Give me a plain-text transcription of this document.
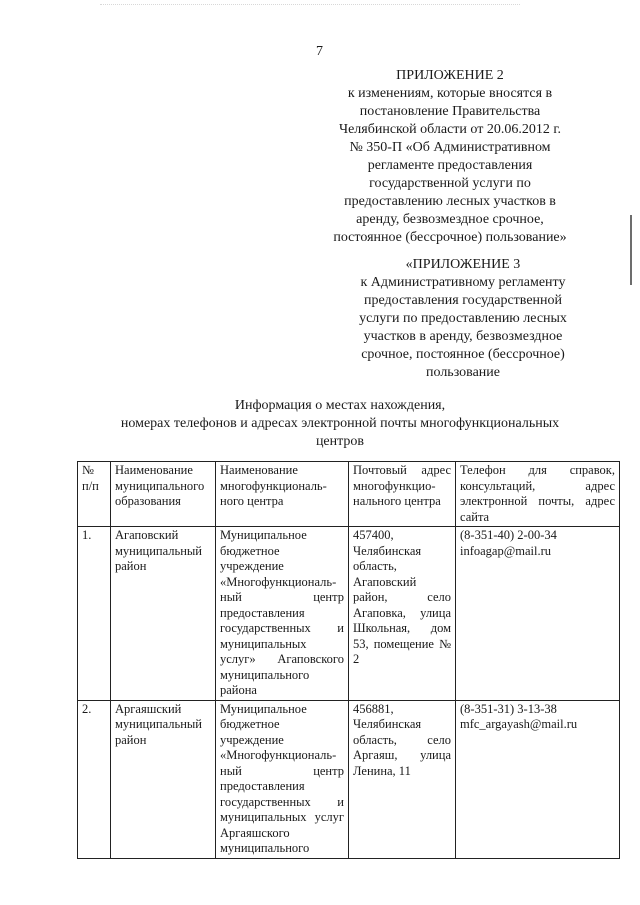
7
ПРИЛОЖЕНИЕ 2
к изменениям, которые вносятся в
постановление Правительства
Челябинской области от 20.06.2012 г.
№ 350-П «Об Административном
регламенте предоставления
государственной услуги по
предоставлению лесных участков в
аренду, безвозмездное срочное,
постоянное (бессрочное) пользование»
«ПРИЛОЖЕНИЕ 3
к Административному регламенту
предоставления государственной
услуги по предоставлению лесных
участков в аренду, безвозмездное
срочное, постоянное (бессрочное)
пользование
Информация о местах нахождения,
номерах телефонов и адресах электронной почты многофункциональных
центров
№ п/п	Наименование муниципального образования	Наименование многофункциональ-ного центра	Почтовый адрес многофункцио-нального центра	Телефон для справок, консультаций, адрес электронной почты, адрес сайта
1.	Агаповский муниципальный район	Муниципальное бюджетное учреждение «Многофункциональ-ный центр предоставления государственных и муниципальных услуг» Агаповского муниципального района	457400, Челябинская область, Агаповский район, село Агаповка, улица Школьная, дом 53, помещение № 2	(8-351-40) 2-00-34
infoagap@mail.ru

2.	Аргаяшский муниципальный район	Муниципальное бюджетное учреждение «Многофункциональ-ный центр предоставления государственных и муниципальных услуг Аргаяшского муниципального	456881, Челябинская область, село Аргаяш, улица Ленина, 11	(8-351-31) 3-13-38
mfc_argayash@mail.ru
